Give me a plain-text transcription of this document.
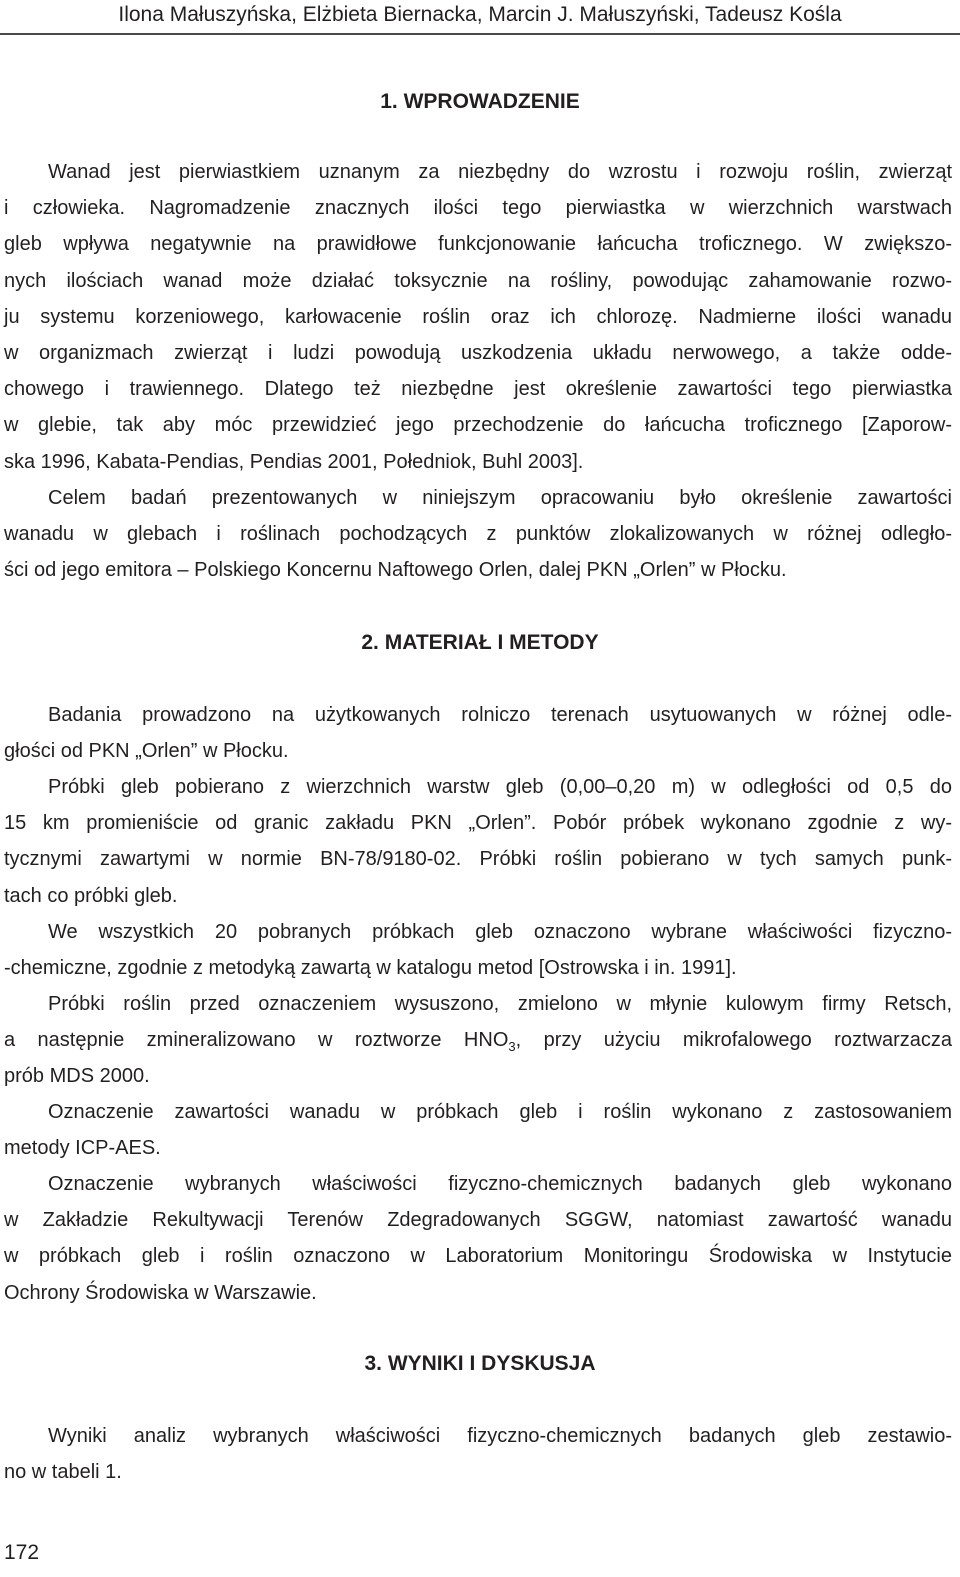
Ilona Małuszyńska, Elżbieta Biernacka, Marcin J. Małuszyński, Tadeusz Kośla
1. WPROWADZENIE
Wanad jest pierwiastkiem uznanym za niezbędny do wzrostu i rozwoju roślin, zwierząt
i człowieka. Nagromadzenie znacznych ilości tego pierwiastka w wierzchnich warstwach
gleb wpływa negatywnie na prawidłowe funkcjonowanie łańcucha troficznego. W zwiększo-
nych ilościach wanad może działać toksycznie na rośliny, powodując zahamowanie rozwo-
ju systemu korzeniowego, karłowacenie roślin oraz ich chlorozę. Nadmierne ilości wanadu
w organizmach zwierząt i ludzi powodują uszkodzenia układu nerwowego, a także odde-
chowego i trawiennego. Dlatego też niezbędne jest określenie zawartości tego pierwiastka
w glebie, tak aby móc przewidzieć jego przechodzenie do łańcucha troficznego [Zaporow-
ska 1996, Kabata-Pendias, Pendias 2001, Połedniok, Buhl 2003].
Celem badań prezentowanych w niniejszym opracowaniu było określenie zawartości
wanadu w glebach i roślinach pochodzących z punktów zlokalizowanych w różnej odległo-
ści od jego emitora – Polskiego Koncernu Naftowego Orlen, dalej PKN „Orlen” w Płocku.
2. MATERIAŁ I METODY
Badania prowadzono na użytkowanych rolniczo terenach usytuowanych w różnej odle-
głości od PKN „Orlen” w Płocku.
Próbki gleb pobierano z wierzchnich warstw gleb (0,00–0,20 m) w odległości od 0,5 do
15 km promieniście od granic zakładu PKN „Orlen”. Pobór próbek wykonano zgodnie z wy-
tycznymi zawartymi w normie BN-78/9180-02. Próbki roślin pobierano w tych samych punk-
tach co próbki gleb.
We wszystkich 20 pobranych próbkach gleb oznaczono wybrane właściwości fizyczno-
-chemiczne, zgodnie z metodyką zawartą w katalogu metod [Ostrowska i in. 1991].
Próbki roślin przed oznaczeniem wysuszono, zmielono w młynie kulowym firmy Retsch,
a następnie zmineralizowano w roztworze $HNO_3$, przy użyciu mikrofalowego roztwarzacza
prób MDS 2000.
Oznaczenie zawartości wanadu w próbkach gleb i roślin wykonano z zastosowaniem
metody ICP-AES.
Oznaczenie wybranych właściwości fizyczno-chemicznych badanych gleb wykonano
w Zakładzie Rekultywacji Terenów Zdegradowanych SGGW, natomiast zawartość wanadu
w próbkach gleb i roślin oznaczono w Laboratorium Monitoringu Środowiska w Instytucie
Ochrony Środowiska w Warszawie.
3. WYNIKI I DYSKUSJA
Wyniki analiz wybranych właściwości fizyczno-chemicznych badanych gleb zestawio-
no w tabeli 1.
172
